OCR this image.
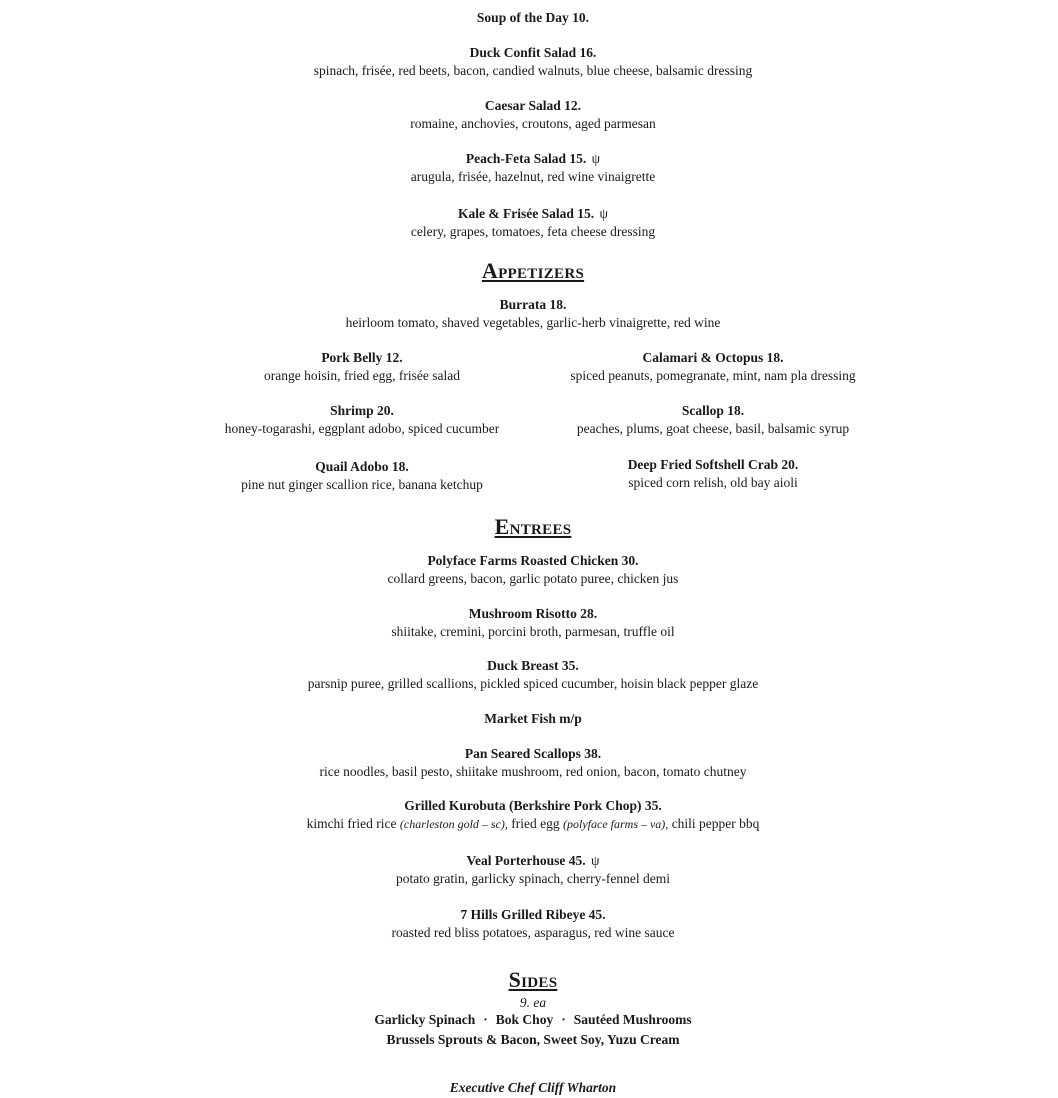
Soup of the Day 10.
Duck Confit Salad 16.
spinach, frisée, red beets, bacon, candied walnuts, blue cheese, balsamic dressing
Caesar Salad 12.
romaine, anchovies, croutons, aged parmesan
Peach-Feta Salad 15. ψ
arugula, frisée, hazelnut, red wine vinaigrette
Kale & Frisée Salad 15. ψ
celery, grapes, tomatoes, feta cheese dressing
Appetizers
Burrata 18.
heirloom tomato, shaved vegetables, garlic-herb vinaigrette, red wine
Pork Belly 12.
orange hoisin, fried egg, frisée salad
Shrimp 20.
honey-togarashi, eggplant adobo, spiced cucumber
Quail Adobo 18.
pine nut ginger scallion rice, banana ketchup
Calamari & Octopus 18.
spiced peanuts, pomegranate, mint, nam pla dressing
Scallop 18.
peaches, plums, goat cheese, basil, balsamic syrup
Deep Fried Softshell Crab 20.
spiced corn relish, old bay aioli
Entrees
Polyface Farms Roasted Chicken 30.
collard greens, bacon, garlic potato puree, chicken jus
Mushroom Risotto 28.
shiitake, cremini, porcini broth, parmesan, truffle oil
Duck Breast 35.
parsnip puree, grilled scallions, pickled spiced cucumber, hoisin black pepper glaze
Market Fish m/p
Pan Seared Scallops 38.
rice noodles, basil pesto, shiitake mushroom, red onion, bacon, tomato chutney
Grilled Kurobuta (Berkshire Pork Chop) 35.
kimchi fried rice (charleston gold – sc), fried egg (polyface farms – va), chili pepper bbq
Veal Porterhouse 45. ψ
potato gratin, garlicky spinach, cherry-fennel demi
7 Hills Grilled Ribeye 45.
roasted red bliss potatoes, asparagus, red wine sauce
Sides
9. ea
Garlicky Spinach · Bok Choy · Sautéed Mushrooms
Brussels Sprouts & Bacon, Sweet Soy, Yuzu Cream
Executive Chef Cliff Wharton
